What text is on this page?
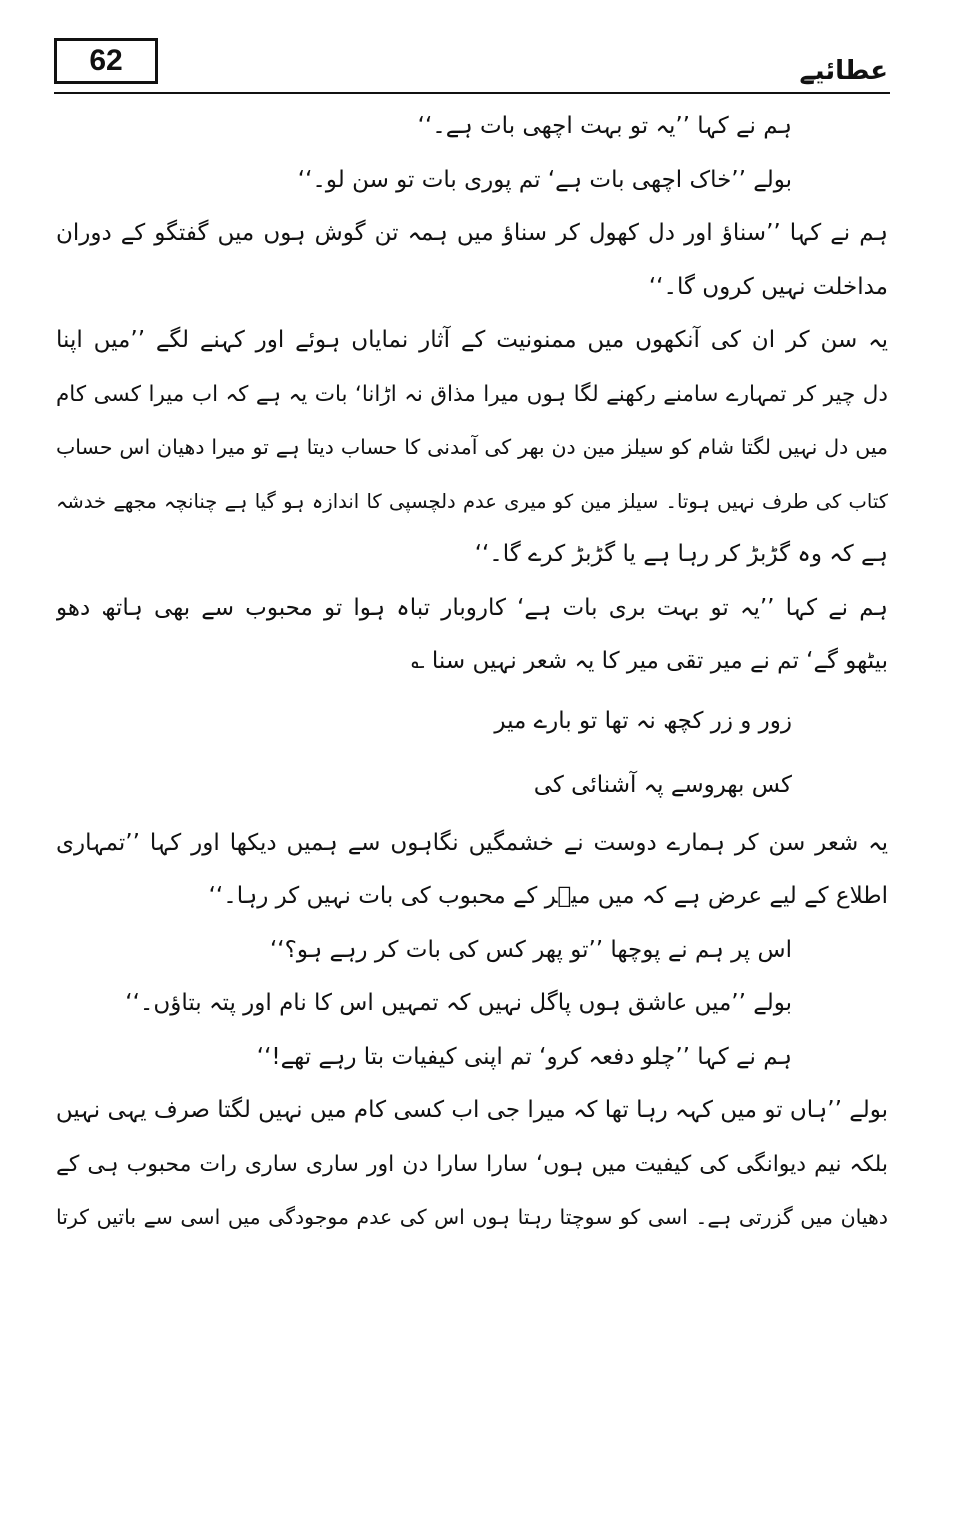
62	عطائیے
ہم نے کہا ’’یہ تو بہت اچھی بات ہے۔‘‘
بولے ’’خاک اچھی بات ہے‘ تم پوری بات تو سن لو۔‘‘
ہم نے کہا ’’سناؤ اور دل کھول کر سناؤ میں ہمہ تن گوش ہوں میں گفتگو کے دوران
مداخلت نہیں کروں گا۔‘‘
یہ سن کر ان کی آنکھوں میں ممنونیت کے آثار نمایاں ہوئے اور کہنے لگے ’’میں اپنا
دل چیر کر تمہارے سامنے رکھنے لگا ہوں میرا مذاق نہ اڑانا‘ بات یہ ہے کہ اب میرا کسی کام
میں دل نہیں لگتا شام کو سیلز مین دن بھر کی آمدنی کا حساب دیتا ہے تو میرا دھیان اس حساب
کتاب کی طرف نہیں ہوتا۔ سیلز مین کو میری عدم دلچسپی کا اندازہ ہو گیا ہے چنانچہ مجھے خدشہ
ہے کہ وہ گڑبڑ کر رہا ہے یا گڑبڑ کرے گا۔‘‘
ہم نے کہا ’’یہ تو بہت بری بات ہے‘ کاروبار تباہ ہوا تو محبوب سے بھی ہاتھ دھو
بیٹھو گے‘ تم نے میر تقی میر کا یہ شعر نہیں سنا ؎
زور و زر کچھ نہ تھا تو بارے میر
کس بھروسے پہ آشنائی کی
یہ شعر سن کر ہمارے دوست نے خشمگیں نگاہوں سے ہمیں دیکھا اور کہا ’’تمہاری
اطلاع کے لیے عرض ہے کہ میں میؔر کے محبوب کی بات نہیں کر رہا۔‘‘
اس پر ہم نے پوچھا ’’تو پھر کس کی بات کر رہے ہو؟‘‘
بولے ’’میں عاشق ہوں پاگل نہیں کہ تمہیں اس کا نام اور پتہ بتاؤں۔‘‘
ہم نے کہا ’’چلو دفعہ کرو‘ تم اپنی کیفیات بتا رہے تھے!‘‘
بولے ’’ہاں تو میں کہہ رہا تھا کہ میرا جی اب کسی کام میں نہیں لگتا صرف یہی نہیں
بلکہ نیم دیوانگی کی کیفیت میں ہوں‘ سارا سارا دن اور ساری ساری رات محبوب ہی کے
دھیان میں گزرتی ہے۔ اسی کو سوچتا رہتا ہوں اس کی عدم موجودگی میں اسی سے باتیں کرتا
